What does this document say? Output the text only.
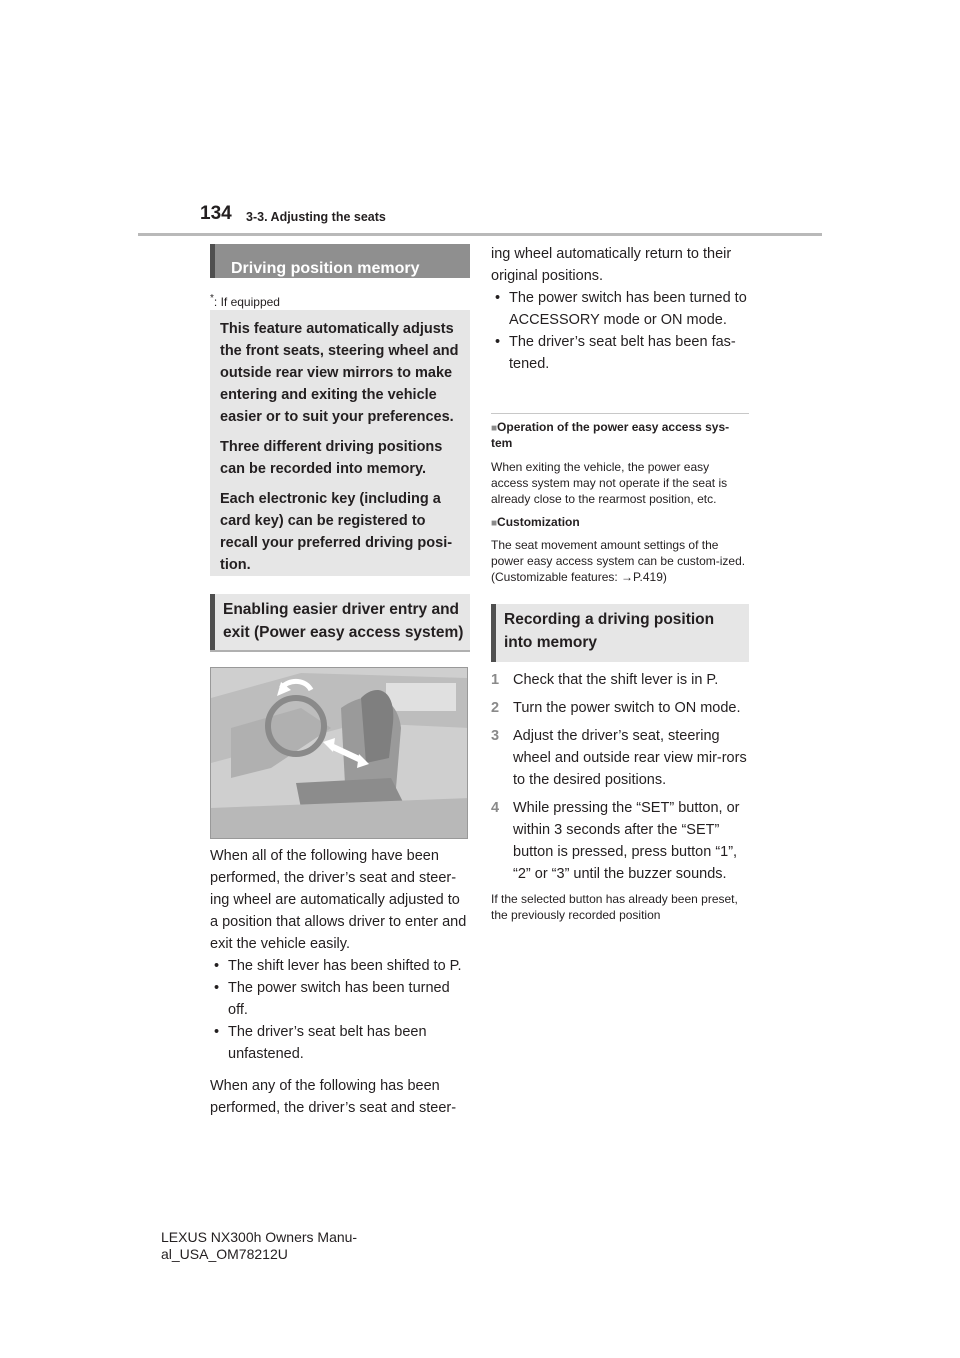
134 3-3. Adjusting the seats
Driving position memory
*
*: If equipped

This feature automatically adjusts the front seats, steering wheel and outside rear view mirrors to make entering and exiting the vehicle easier or to suit your preferences.

Three different driving positions can be recorded into memory.

Each electronic key (including a card key) can be registered to recall your preferred driving posi-tion.

Enabling easier driver entry and exit (Power easy access system)

When all of the following have been performed, the driver’s seat and steer-ing wheel are automatically adjusted to a position that allows driver to enter and exit the vehicle easily.

• The shift lever has been shifted to P.

• The power switch has been turned off.

• The driver’s seat belt has been unfastened.

When any of the following has been performed, the driver’s seat and steer-

ing wheel automatically return to their original positions.

• The power switch has been turned to ACCESSORY mode or ON mode.

• The driver’s seat belt has been fas-tened.

■Operation of the power easy access sys-tem
When exiting the vehicle, the power easy access system may not operate if the seat is already close to the rearmost position, etc.
■Customization
The seat movement amount settings of the power easy access system can be custom-ized. (Customizable features: →P.419)
Recording a driving position into memory
1 Check that the shift lever is in P.
2 Turn the power switch to ON mode.
3 Adjust the driver’s seat, steering wheel and outside rear view mir-rors to the desired positions.
4 While pressing the “SET” button, or within 3 seconds after the “SET” button is pressed, press button “1”, “2” or “3” until the buzzer sounds.
If the selected button has already been preset, the previously recorded position
LEXUS NX300h Owners Manu-al_USA_OM78212U
